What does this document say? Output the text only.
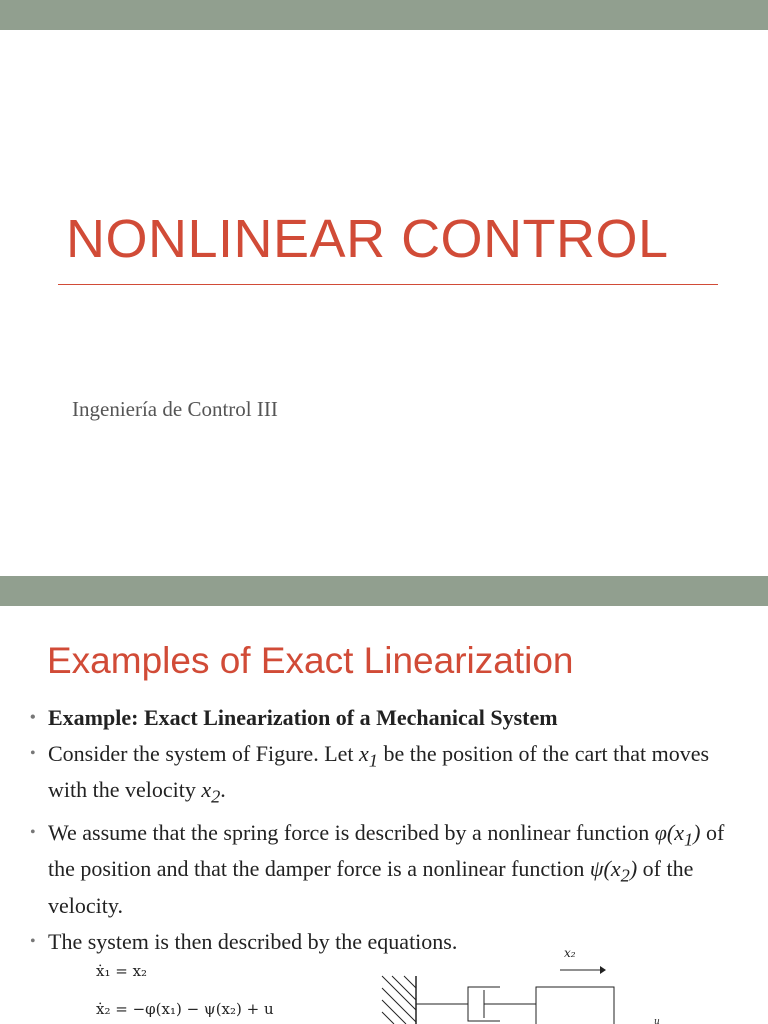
NONLINEAR CONTROL
Ingeniería de Control III
Examples of Exact Linearization
• Example: Exact Linearization of a Mechanical System
• Consider the system of Figure. Let $x_1$ be the position of the cart that moves with the velocity $x_2$.
• We assume that the spring force is described by a nonlinear function $\varphi(x_1)$ of the position and that the damper force is a nonlinear function $\psi(x_2)$ of the velocity.
• The system is then described by the equations.
ẋ₁ = x₂
ẋ₂ = −φ(x₁) − ψ(x₂) + u
x₂
u
